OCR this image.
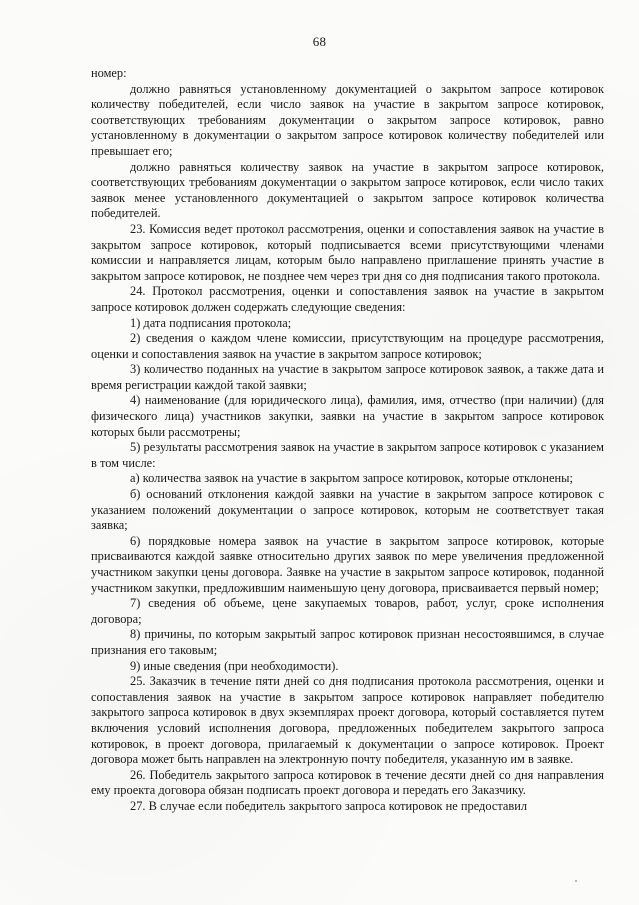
68

номер:

должно равняться установленному документацией о закрытом запросе котировок количеству победителей, если число заявок на участие в закрытом запросе котировок, соответствующих требованиям документации о закрытом запросе котировок, равно установленному в документации о закрытом запросе котировок количеству победителей или превышает его;

должно равняться количеству заявок на участие в закрытом запросе котировок, соответствующих требованиям документации о закрытом запросе котировок, если число таких заявок менее установленного документацией о закрытом запросе котировок количества победителей.

23. Комиссия ведет протокол рассмотрения, оценки и сопоставления заявок на участие в закрытом запросе котировок, который подписывается всеми присутствующими членами комиссии и направляется лицам, которым было направлено приглашение принять участие в закрытом запросе котировок, не позднее чем через три дня со дня подписания такого протокола.

24. Протокол рассмотрения, оценки и сопоставления заявок на участие в закрытом запросе котировок должен содержать следующие сведения:

1) дата подписания протокола;

2) сведения о каждом члене комиссии, присутствующим на процедуре рассмотрения, оценки и сопоставления заявок на участие в закрытом запросе котировок;

3) количество поданных на участие в закрытом запросе котировок заявок, а также дата и время регистрации каждой такой заявки;

4) наименование (для юридического лица), фамилия, имя, отчество (при наличии) (для физического лица) участников закупки, заявки на участие в закрытом запросе котировок которых были рассмотрены;

5) результаты рассмотрения заявок на участие в закрытом запросе котировок с указанием в том числе:

а) количества заявок на участие в закрытом запросе котировок, которые отклонены;

б) оснований отклонения каждой заявки на участие в закрытом запросе котировок с указанием положений документации о запросе котировок, которым не соответствует такая заявка;

6) порядковые номера заявок на участие в закрытом запросе котировок, которые присваиваются каждой заявке относительно других заявок по мере увеличения предложенной участником закупки цены договора. Заявке на участие в закрытом запросе котировок, поданной участником закупки, предложившим наименьшую цену договора, присваивается первый номер;

7) сведения об объеме, цене закупаемых товаров, работ, услуг, сроке исполнения договора;

8) причины, по которым закрытый запрос котировок признан несостоявшимся, в случае признания его таковым;

9) иные сведения (при необходимости).

25. Заказчик в течение пяти дней со дня подписания протокола рассмотрения, оценки и сопоставления заявок на участие в закрытом запросе котировок направляет победителю закрытого запроса котировок в двух экземплярах проект договора, который составляется путем включения условий исполнения договора, предложенных победителем закрытого запроса котировок, в проект договора, прилагаемый к документации о запросе котировок. Проект договора может быть направлен на электронную почту победителя, указанную им в заявке.

26. Победитель закрытого запроса котировок в течение десяти дней со дня направления ему проекта договора обязан подписать проект договора и передать его Заказчику.

27. В случае если победитель закрытого запроса котировок не предоставил
